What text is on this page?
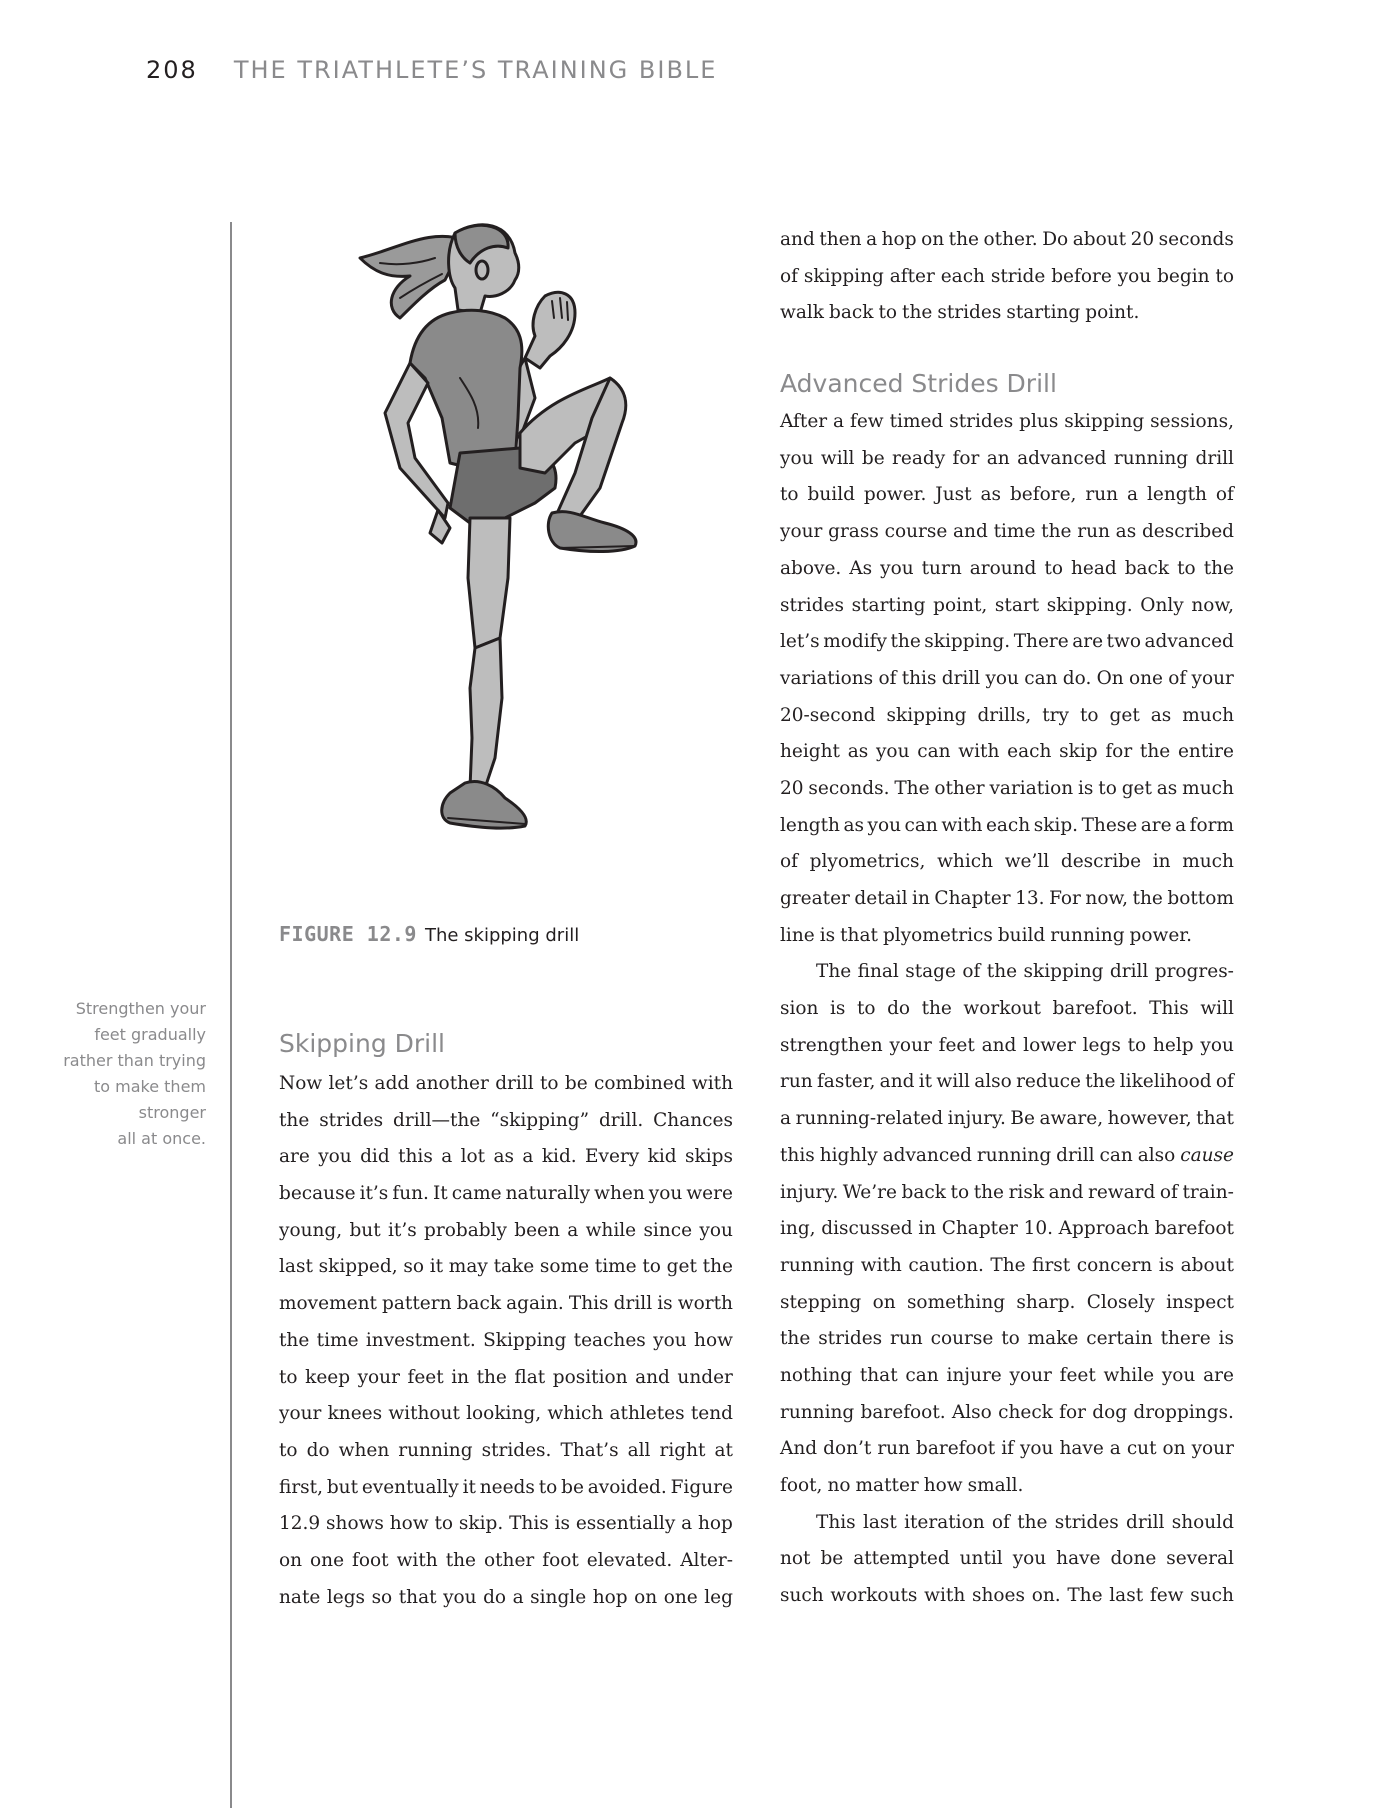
208 THE TRIATHLETE’S TRAINING BIBLE
Strengthen your
feet gradually
rather than trying
to make them
stronger
all at once.
FIGURE 12.9 The skipping drill
Skipping Drill
Now let’s add another drill to be combined with
the strides drill—the “skipping” drill. Chances
are you did this a lot as a kid. Every kid skips
because it’s fun. It came naturally when you were
young, but it’s probably been a while since you
last skipped, so it may take some time to get the
movement pattern back again. This drill is worth
the time investment. Skipping teaches you how
to keep your feet in the flat position and under
your knees without looking, which athletes tend
to do when running strides. That’s all right at
first, but eventually it needs to be avoided. Figure
12.9 shows how to skip. This is essentially a hop
on one foot with the other foot elevated. Alter-
nate legs so that you do a single hop on one leg
and then a hop on the other. Do about 20 seconds
of skipping after each stride before you begin to
walk back to the strides starting point.
Advanced Strides Drill
After a few timed strides plus skipping sessions,
you will be ready for an advanced running drill
to build power. Just as before, run a length of
your grass course and time the run as described
above. As you turn around to head back to the
strides starting point, start skipping. Only now,
let’s modify the skipping. There are two advanced
variations of this drill you can do. On one of your
20-second skipping drills, try to get as much
height as you can with each skip for the entire
20 seconds. The other variation is to get as much
length as you can with each skip. These are a form
of plyometrics, which we’ll describe in much
greater detail in Chapter 13. For now, the bottom
line is that plyometrics build running power.
The final stage of the skipping drill progres-
sion is to do the workout barefoot. This will
strengthen your feet and lower legs to help you
run faster, and it will also reduce the likelihood of
a running-related injury. Be aware, however, that
this highly advanced running drill can also cause
injury. We’re back to the risk and reward of train-
ing, discussed in Chapter 10. Approach barefoot
running with caution. The first concern is about
stepping on something sharp. Closely inspect
the strides run course to make certain there is
nothing that can injure your feet while you are
running barefoot. Also check for dog droppings.
And don’t run barefoot if you have a cut on your
foot, no matter how small.
This last iteration of the strides drill should
not be attempted until you have done several
such workouts with shoes on. The last few such
